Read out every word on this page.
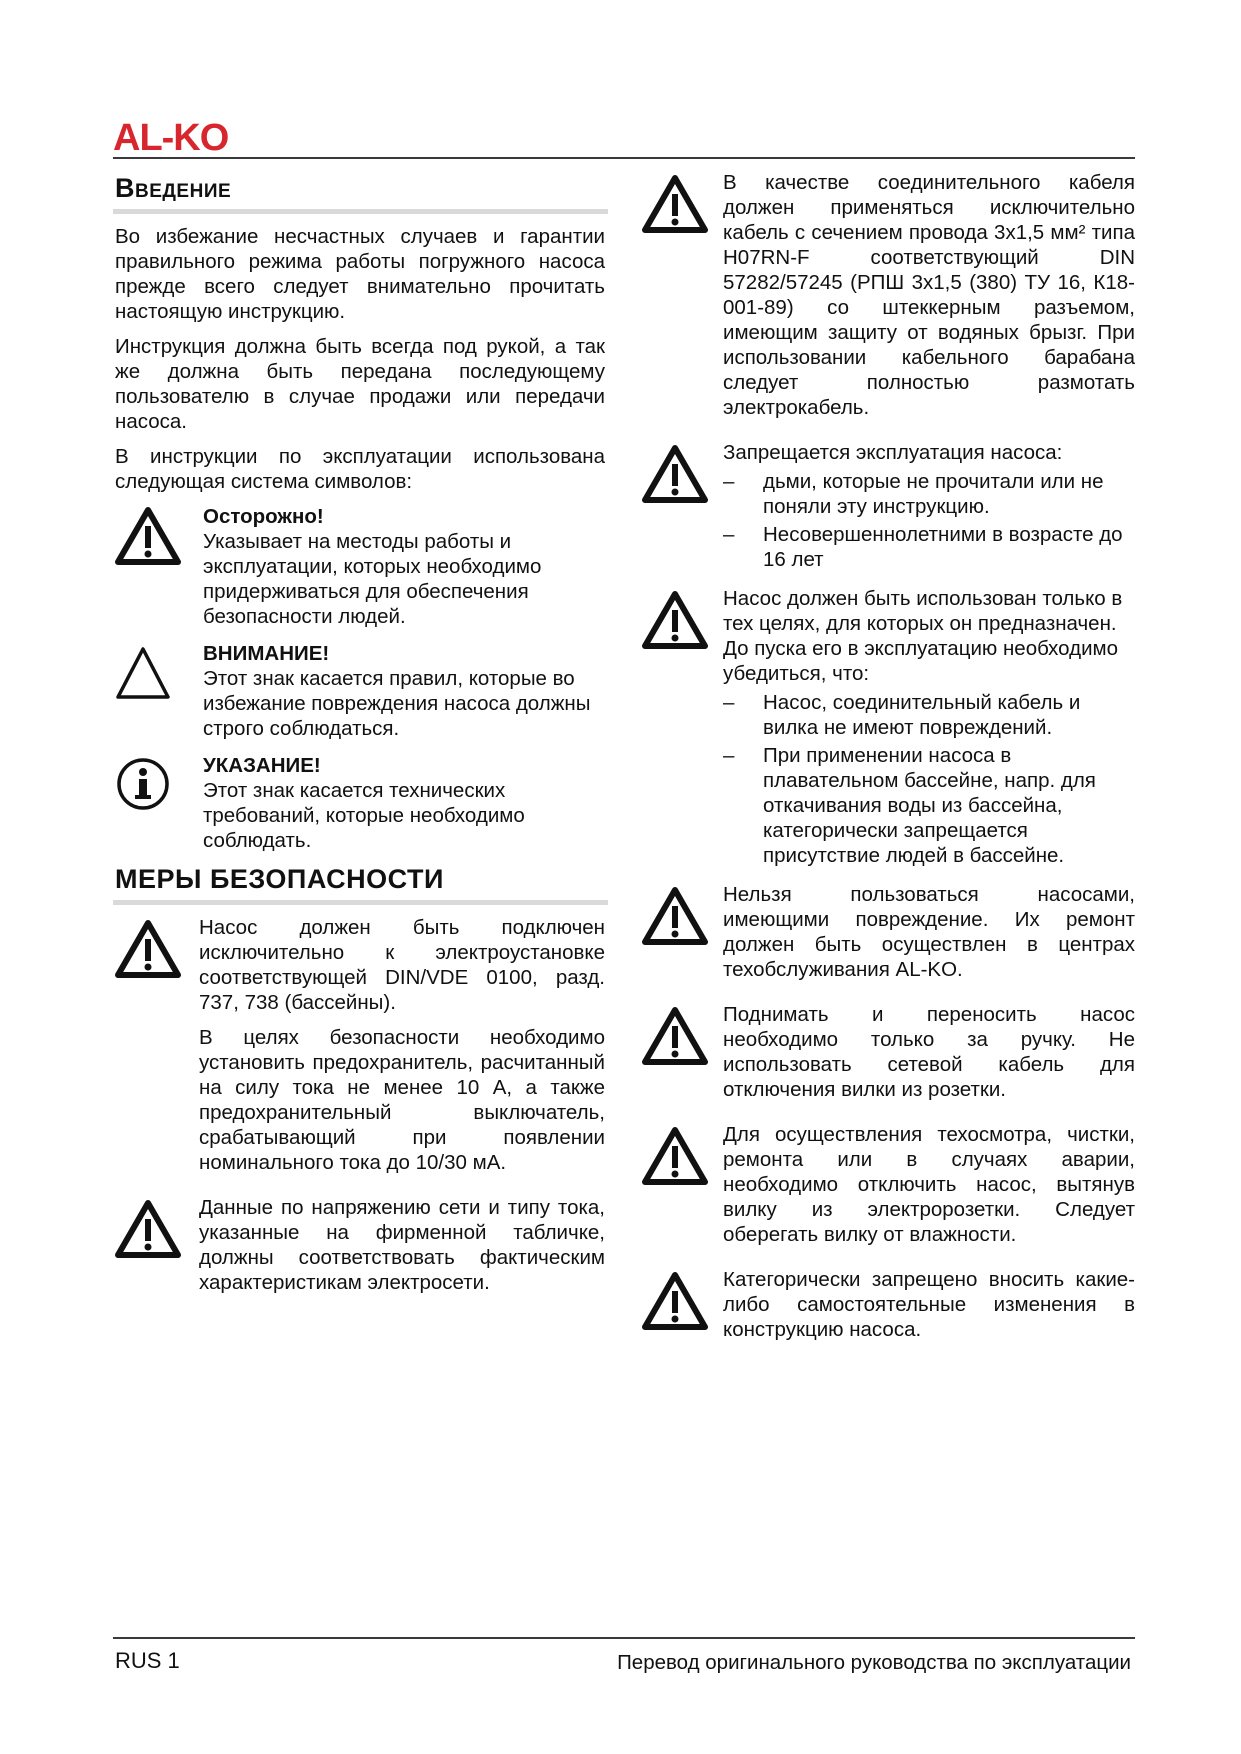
AL-KO
Введение

Во избежание несчастных случаев и гарантии правильного режима работы погружного насоса прежде всего следует внимательно прочитать настоящую инструкцию.

Инструкция должна быть всегда под рукой, а так же должна быть передана последующему пользователю в случае продажи или передачи насоса.

В инструкции по эксплуатации использована следующая система символов:

Осторожно!
Указывает на местоды работы и эксплуатации, которых необходимо придерживаться для обеспечения безопасности людей.
ВНИМАНИЕ!
Этот знак касается правил, которые во избежание повреждения насоса должны строго соблюдаться.
УКАЗАНИЕ!
Этот знак касается технических требований, которые необходимо соблюдать.
МЕРЫ БЕЗОПАСНОСТИ

Насос должен быть подключен исключительно к электроустановке соответствующей DIN/VDE 0100, разд. 737, 738 (бассейны).

В целях безопасности необходимо установить предохранитель, расчитанный на силу тока не менее 10 А, а также предохранительный выключатель, срабатывающий при появлении номинального тока до 10/30 мА.

Данные по напряжению сети и типу тока, указанные на фирменной табличке, должны соответствовать фактическим характеристикам электросети.

В качестве соединительного кабеля должен применяться исключительно кабель с сечением провода 3x1,5 мм² типа H07RN-F соответствующий DIN 57282/57245 (РПШ 3х1,5 (380) ТУ 16, К18-001-89) со штеккерным разъемом, имеющим защиту от водяных брызг. При использовании кабельного барабана следует полностью размотать электрокабель.

Запрещается эксплуатация насоса:

– дьми, которые не прочитали или не поняли эту инструкцию.
– Несовершеннолетними в возрасте до 16 лет

Насос должен быть использован только в тех целях, для которых он предназначен. До пуска его в эксплуатацию необходимо убедиться, что:

– Насос, соединительный кабель и вилка не имеют повреждений.
– При применении насоса в плавательном бассейне, напр. для откачивания воды из бассейна, категорически запрещается присутствие людей в бассейне.

Нельзя пользоваться насосами, имеющими повреждение. Их ремонт должен быть осуществлен в центрах техобслуживания AL-KO.

Поднимать и переносить насос необходимо только за ручку. Не использовать сетевой кабель для отключения вилки из розетки.

Для осуществления техосмотра, чистки, ремонта или в случаях аварии, необходимо отключить насос, вытянув вилку из электророзетки. Следует оберегать вилку от влажности.

Категорически запрещено вносить какие-либо самостоятельные изменения в конструкцию насоса.

RUS 1	Перевод оригинального руководства по эксплуатации
